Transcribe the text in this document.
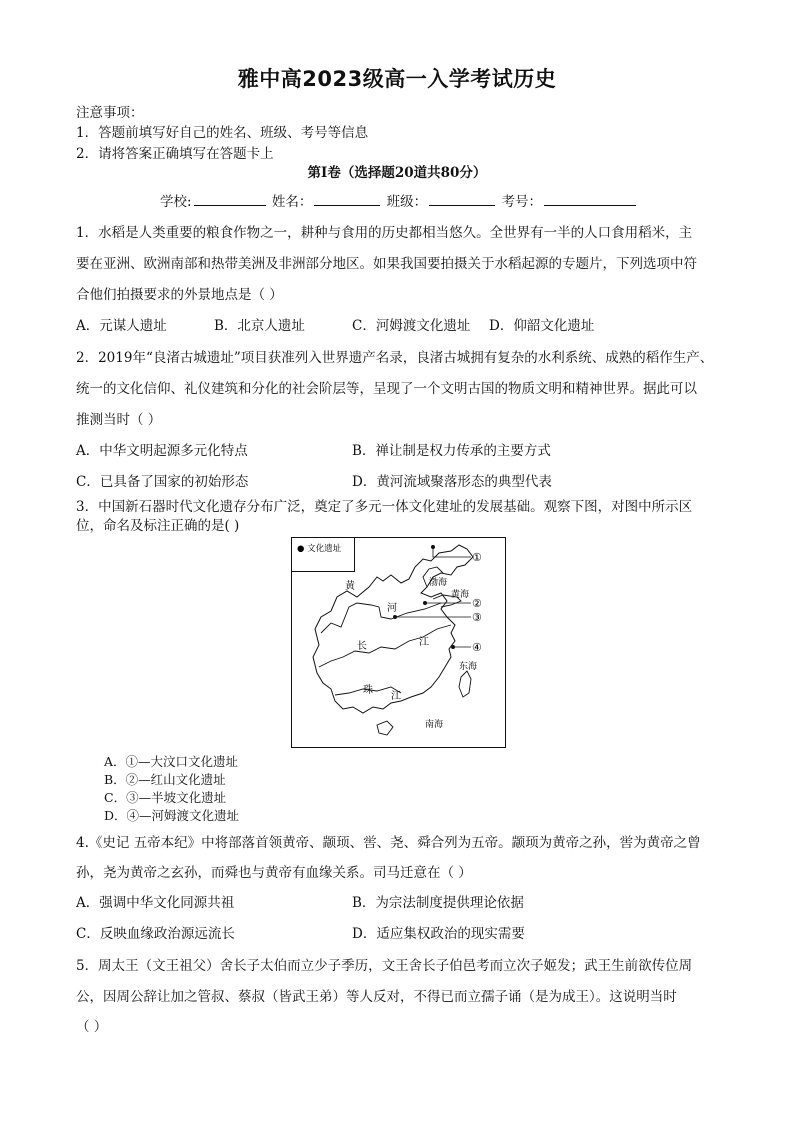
雅中高2023级高一入学考试历史
注意事项：
1．答题前填写好自己的姓名、班级、考号等信息
2．请将答案正确填写在答题卡上
第Ⅰ卷（选择题20道共80分）
学校:	姓名：	班级：	考号：
1．水稻是人类重要的粮食作物之一，耕种与食用的历史都相当悠久。全世界有一半的人口食用稻米，主
要在亚洲、欧洲南部和热带美洲及非洲部分地区。如果我国要拍摄关于水稻起源的专题片，下列选项中符
合他们拍摄要求的外景地点是（ ）
A．元谋人遗址	B．北京人遗址	C．河姆渡文化遗址 D．仰韶文化遗址
2．2019年“良渚古城遗址”项目获准列入世界遗产名录，良渚古城拥有复杂的水利系统、成熟的稻作生产、
统一的文化信仰、礼仪建筑和分化的社会阶层等，呈现了一个文明古国的物质文明和精神世界。据此可以
推测当时（ ）
A．中华文明起源多元化特点	B．禅让制是权力传承的主要方式
C．已具备了国家的初始形态	D．黄河流域聚落形态的典型代表
3．中国新石器时代文化遗存分布广泛，奠定了多元一体文化建址的发展基础。观察下图，对图中所示区
位，命名及标注正确的是( )
● 文化遗址
①
②
③
④
黄
河
渤海
黄海
长	江
东海
珠
江
南海
A．①—大汶口文化遗址
B．②—红山文化遗址
C．③—半坡文化遗址
D．④—河姆渡文化遗址
4.《史记 五帝本纪》中将部落首领黄帝、颛顼、喾、尧、舜合列为五帝。颛顼为黄帝之孙，喾为黄帝之曾
孙，尧为黄帝之玄孙，而舜也与黄帝有血缘关系。司马迁意在（ ）
A．强调中华文化同源共祖	B．为宗法制度提供理论依据
C．反映血缘政治源远流长	D．适应集权政治的现实需要
5．周太王（文王祖父）舍长子太伯而立少子季历，文王舍长子伯邑考而立次子姬发；武王生前欲传位周
公，因周公辞让加之管叔、蔡叔（皆武王弟）等人反对，不得已而立孺子诵（是为成王）。这说明当时
（ ）
